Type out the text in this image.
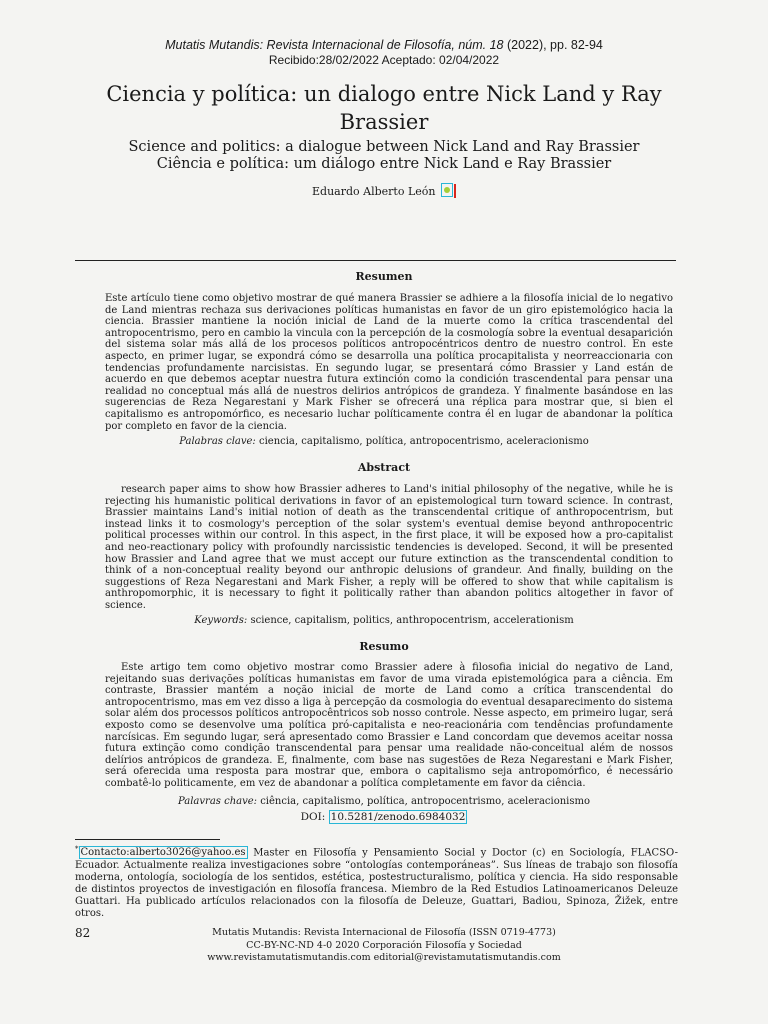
Mutatis Mutandis: Revista Internacional de Filosofía, núm. 18 (2022), pp. 82-94
Recibido:28/02/2022 Aceptado: 02/04/2022
Ciencia y política: un dialogo entre Nick Land y Ray Brassier
Science and politics: a dialogue between Nick Land and Ray Brassier
Ciência e política: um diálogo entre Nick Land e Ray Brassier
Eduardo Alberto León
Resumen

Este artículo tiene como objetivo mostrar de qué manera Brassier se adhiere a la filosofía inicial de lo negativo de Land mientras rechaza sus derivaciones políticas humanistas en favor de un giro epistemológico hacia la ciencia. Brassier mantiene la noción inicial de Land de la muerte como la crítica trascendental del antropocentrismo, pero en cambio la vincula con la percepción de la cosmología sobre la eventual desaparición del sistema solar más allá de los procesos políticos antropocéntricos dentro de nuestro control. En este aspecto, en primer lugar, se expondrá cómo se desarrolla una política procapitalista y neorreaccionaria con tendencias profundamente narcisistas. En segundo lugar, se presentará cómo Brassier y Land están de acuerdo en que debemos aceptar nuestra futura extinción como la condición trascendental para pensar una realidad no conceptual más allá de nuestros delirios antrópicos de grandeza. Y finalmente basándose en las sugerencias de Reza Negarestani y Mark Fisher se ofrecerá una réplica para mostrar que, si bien el capitalismo es antropomórfico, es necesario luchar políticamente contra él en lugar de abandonar la política por completo en favor de la ciencia.

Palabras clave: ciencia, capitalismo, política, antropocentrismo, aceleracionismo
Abstract

research paper aims to show how Brassier adheres to Land's initial philosophy of the negative, while he is rejecting his humanistic political derivations in favor of an epistemological turn toward science. In contrast, Brassier maintains Land's initial notion of death as the transcendental critique of anthropocentrism, but instead links it to cosmology's perception of the solar system's eventual demise beyond anthropocentric political processes within our control. In this aspect, in the first place, it will be exposed how a pro-capitalist and neo-reactionary policy with profoundly narcissistic tendencies is developed. Second, it will be presented how Brassier and Land agree that we must accept our future extinction as the transcendental condition to think of a non-conceptual reality beyond our anthropic delusions of grandeur. And finally, building on the suggestions of Reza Negarestani and Mark Fisher, a reply will be offered to show that while capitalism is anthropomorphic, it is necessary to fight it politically rather than abandon politics altogether in favor of science.

Keywords: science, capitalism, politics, anthropocentrism, accelerationism
Resumo

Este artigo tem como objetivo mostrar como Brassier adere à filosofia inicial do negativo de Land, rejeitando suas derivações políticas humanistas em favor de uma virada epistemológica para a ciência. Em contraste, Brassier mantém a noção inicial de morte de Land como a crítica transcendental do antropocentrismo, mas em vez disso a liga à percepção da cosmologia do eventual desaparecimento do sistema solar além dos processos políticos antropocêntricos sob nosso controle. Nesse aspecto, em primeiro lugar, será exposto como se desenvolve uma política pró-capitalista e neo-reacionária com tendências profundamente narcísicas. Em segundo lugar, será apresentado como Brassier e Land concordam que devemos aceitar nossa futura extinção como condição transcendental para pensar uma realidade não-conceitual além de nossos delírios antrópicos de grandeza. E, finalmente, com base nas sugestões de Reza Negarestani e Mark Fisher, será oferecida uma resposta para mostrar que, embora o capitalismo seja antropomórfico, é necessário combatê-lo politicamente, em vez de abandonar a política completamente em favor da ciência.

Palavras chave: ciência, capitalismo, política, antropocentrismo, aceleracionismo
DOI: 10.5281/zenodo.6984032

* Contacto:alberto3026@yahoo.es Master en Filosofía y Pensamiento Social y Doctor (c) en Sociología, FLACSO-Ecuador. Actualmente realiza investigaciones sobre “ontologías contemporáneas”. Sus líneas de trabajo son filosofía moderna, ontología, sociología de los sentidos, estética, postestructuralismo, política y ciencia. Ha sido responsable de distintos proyectos de investigación en filosofía francesa. Miembro de la Red Estudios Latinoamericanos Deleuze Guattari. Ha publicado artículos relacionados con la filosofía de Deleuze, Guattari, Badiou, Spinoza, Žižek, entre otros.

82	Mutatis Mutandis: Revista Internacional de Filosofía (ISSN 0719-4773)
CC-BY-NC-ND 4-0 2020 Corporación Filosofía y Sociedad
www.revistamutatismutandis.com editorial@revistamutatismutandis.com
